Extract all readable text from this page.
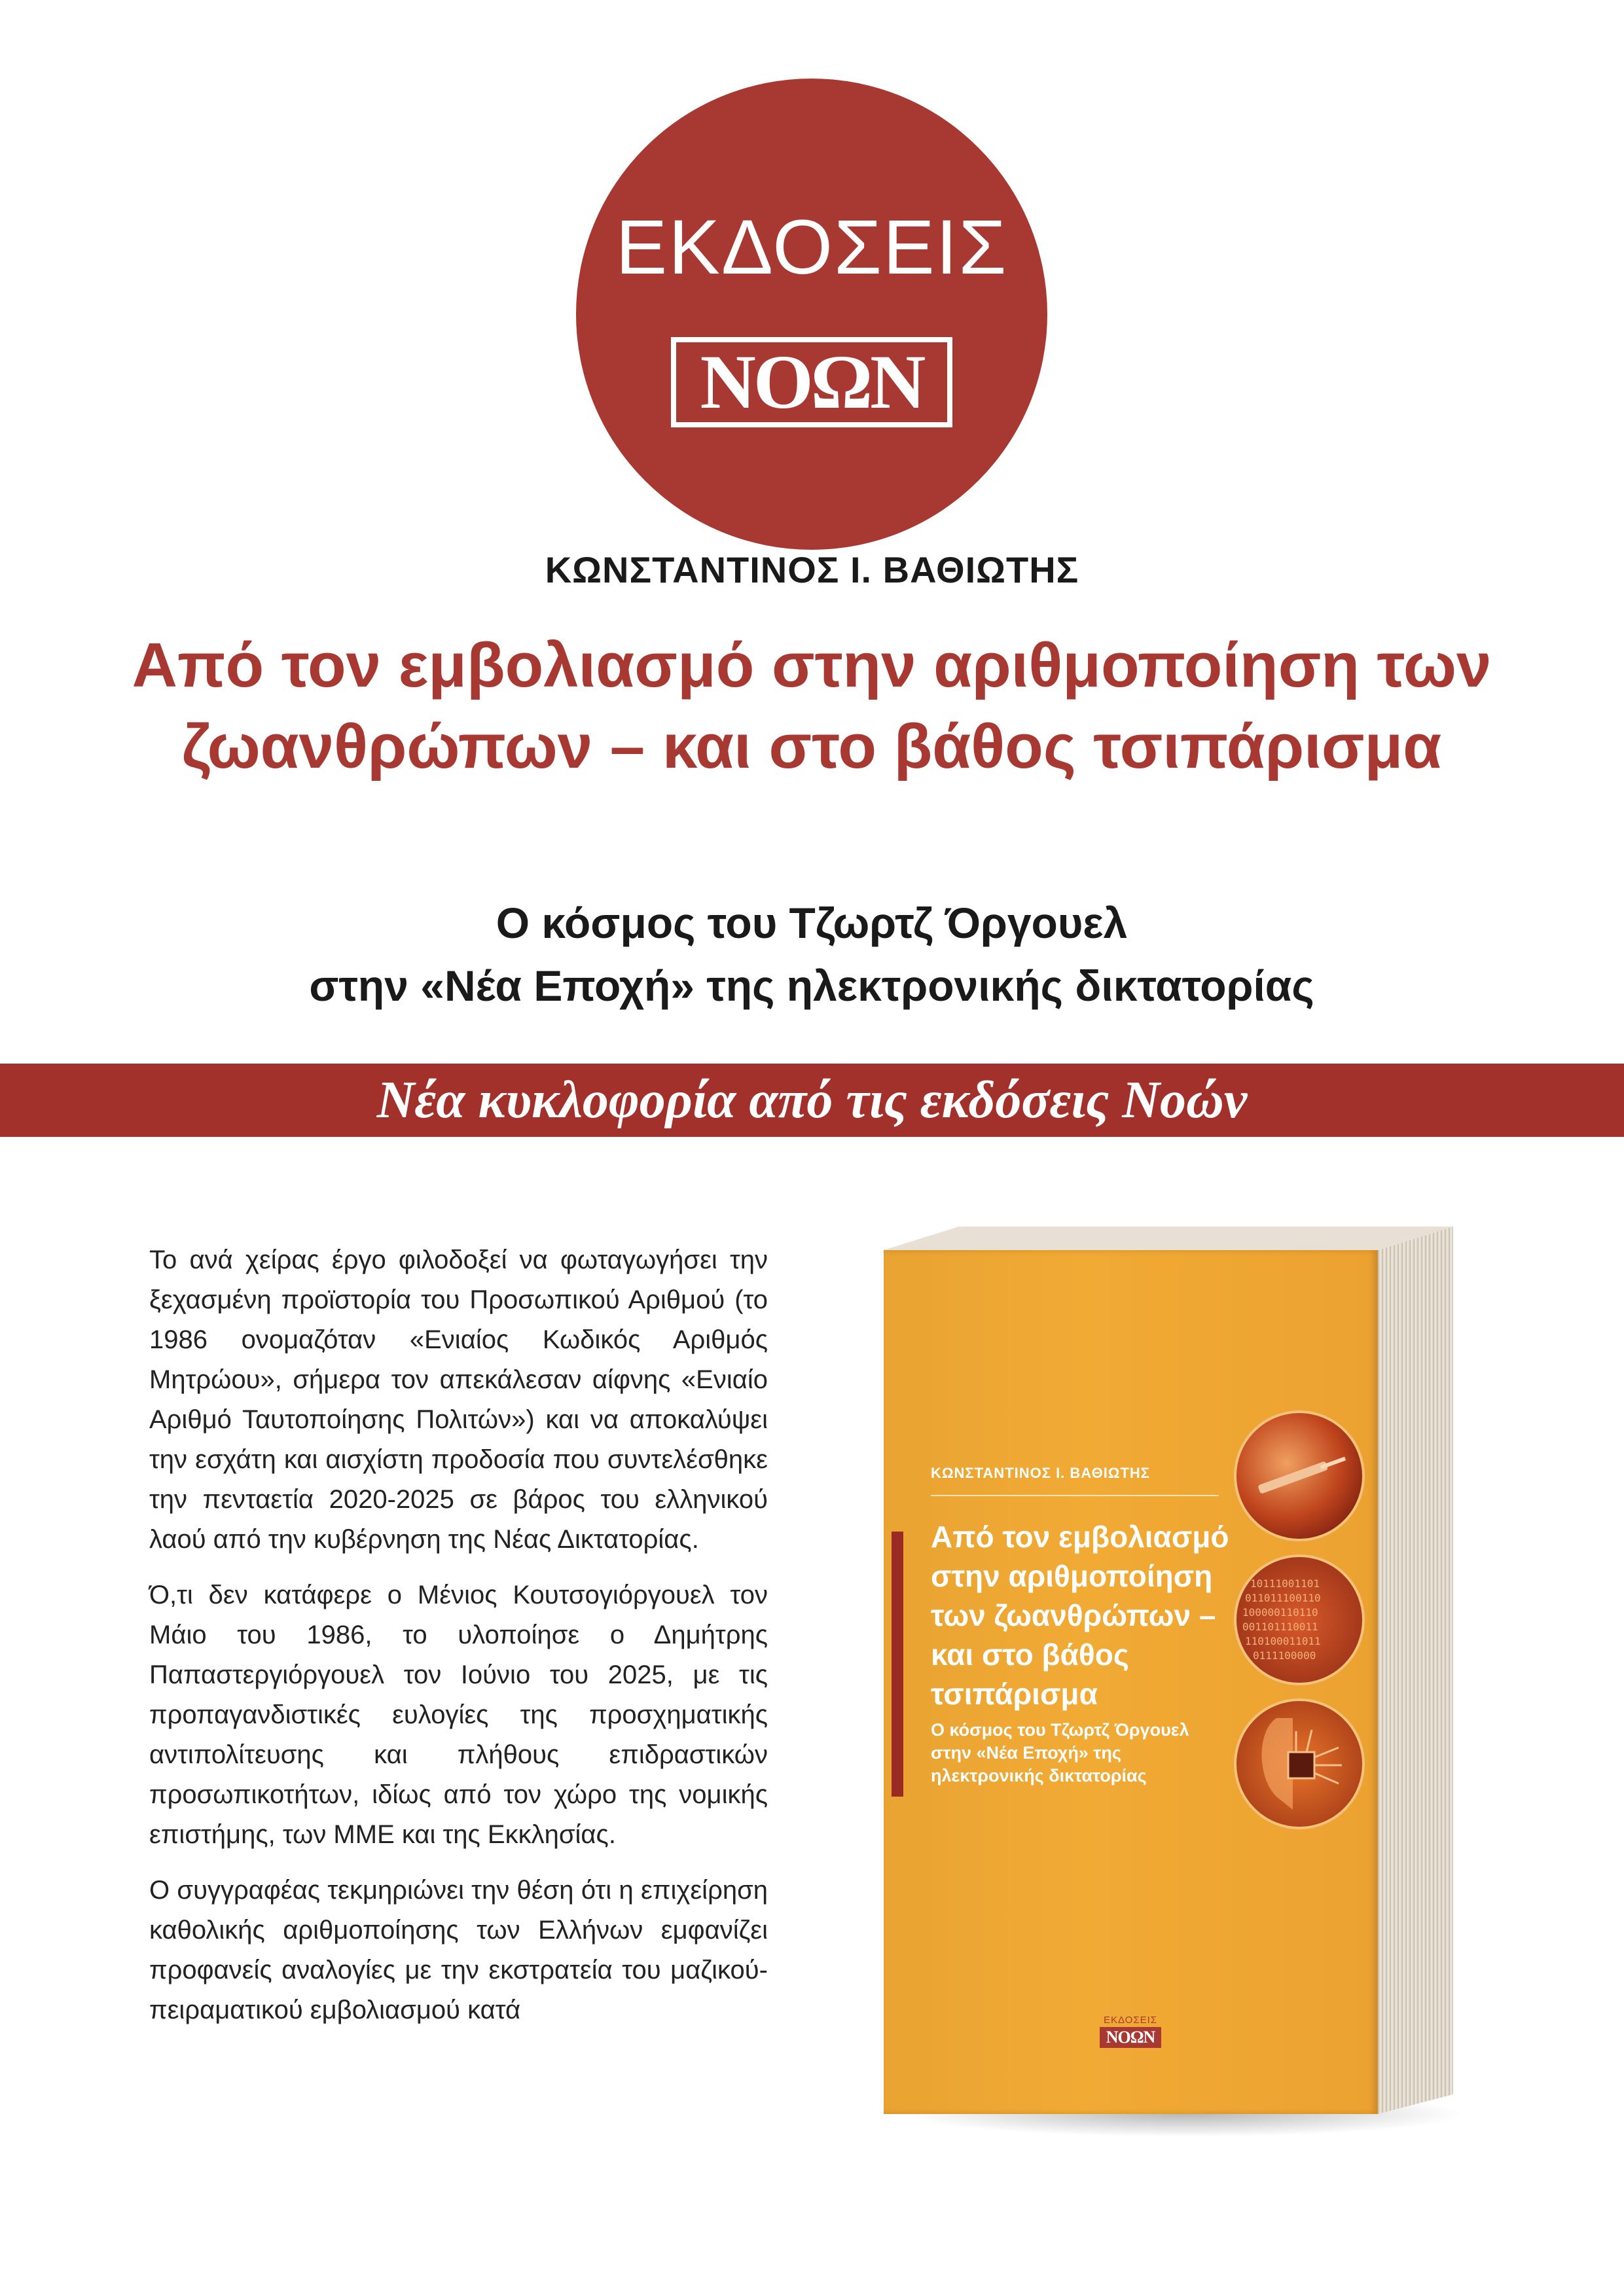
ΕΚΔΟΣΕΙΣ
ΝΟΩΝ
ΚΩΝΣΤΑΝΤΙΝΟΣ Ι. ΒΑΘΙΩΤΗΣ
Από τον εμβολιασμό στην αριθμοποίηση των
ζωανθρώπων – και στο βάθος τσιπάρισμα
Ο κόσμος του Τζωρτζ Όργουελ
στην «Νέα Εποχή» της ηλεκτρονικής δικτατορίας
Νέα κυκλοφορία από τις εκδόσεις Νοών

Το ανά χείρας έργο φιλοδοξεί να φωταγωγήσει την ξεχασμένη προϊστορία του Προσωπικού Αριθμού (το 1986 ονομαζόταν «Ενιαίος Κωδικός Αριθμός Μητρώου», σήμερα τον απεκάλεσαν αίφνης «Ενιαίο Αριθμό Ταυτοποίησης Πολιτών») και να αποκαλύψει την εσχάτη και αισχίστη προδοσία που συντελέσθηκε την πενταετία 2020-2025 σε βάρος του ελληνικού λαού από την κυβέρνηση της Νέας Δικτατορίας.

Ό,τι δεν κατάφερε ο Μένιος Κουτσογιόργουελ τον Μάιο του 1986, το υλοποίησε ο Δημήτρης Παπαστεργιόργουελ τον Ιούνιο του 2025, με τις προπαγανδιστικές ευλογίες της προσχηματικής αντιπολίτευσης και πλήθους επιδραστικών προσωπικοτήτων, ιδίως από τον χώρο της νομικής επιστήμης, των ΜΜΕ και της Εκκλησίας.

Ο συγγραφέας τεκμηριώνει την θέση ότι η επιχείρηση καθολικής αριθμοποίησης των Ελλήνων εμφανίζει προφανείς αναλογίες με την εκστρατεία του μαζικού-πειραματικού εμβολιασμού κατά

ΚΩΝΣΤΑΝΤΙΝΟΣ Ι. ΒΑΘΙΩΤΗΣ
Από τον εμβολιασμό στην αριθμοποίηση των ζωανθρώπων – και στο βάθος τσιπάρισμα
Ο κόσμος του Τζωρτζ Όργουελ στην «Νέα Εποχή» της ηλεκτρονικής δικτατορίας
10111001101
011011100110
100000110110
001101110011
110100011011
0111100000
ΕΚΔΟΣΕΙΣ
ΝΟΩΝ
